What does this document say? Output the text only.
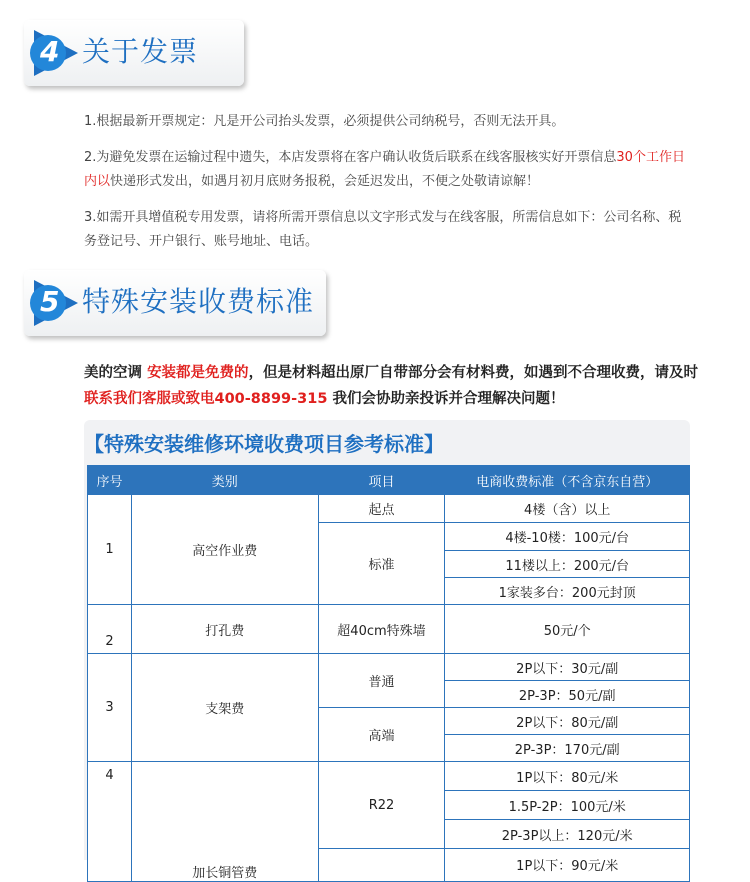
4 关于发票
1.根据最新开票规定：凡是开公司抬头发票，必须提供公司纳税号，否则无法开具。
2.为避免发票在运输过程中遗失，本店发票将在客户确认收货后联系在线客服核实好开票信息30个工作日内以快递形式发出，如遇月初月底财务报税，会延迟发出，不便之处敬请谅解！
3.如需开具增值税专用发票，请将所需开票信息以文字形式发与在线客服，所需信息如下：公司名称、税务登记号、开户银行、账号地址、电话。
5 特殊安装收费标准
美的空调 安装都是免费的，但是材料超出原厂自带部分会有材料费，如遇到不合理收费，请及时联系我们客服或致电400-8899-315 我们会协助亲投诉并合理解决问题！
【特殊安装维修环境收费项目参考标准】
序号	类别	项目	电商收费标准（不含京东自营）
1	高空作业费	起点	4楼（含）以上
		标准	4楼-10楼：100元/台
			11楼以上：200元/台
			1家装多台：200元封顶
2	打孔费	超40cm特殊墙	50元/个
3	支架费	普通	2P以下：30元/副
			2P-3P：50元/副
		高端	2P以下：80元/副
			2P-3P：170元/副
4	加长铜管费	R22	1P以下：80元/米
			1.5P-2P：100元/米
			2P-3P以上：120元/米
			1P以下：90元/米
